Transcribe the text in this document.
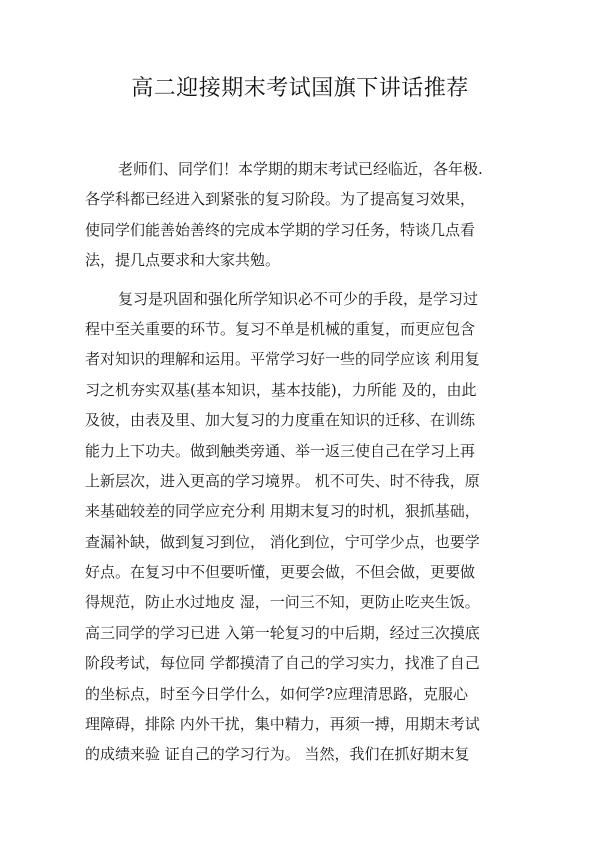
高二迎接期末考试国旗下讲话推荐
老师们、同学们！本学期的期末考试已经临近，各年极.
各学科都已经进入到紧张的复习阶段。为了提高复习效果，
使同学们能善始善终的完成本学期的学习任务，特谈几点看
法，提几点要求和大家共勉。
复习是巩固和强化所学知识必不可少的手段，是学习过
程中至关重要的环节。复习不单是机械的重复，而更应包含
者对知识的理解和运用。平常学习好一些的同学应该 利用复
习之机夯实双基(基本知识，基本技能)，力所能 及的，由此
及彼，由表及里、加大复习的力度重在知识的迁移、在训练
能力上下功夫。做到触类旁通、举一返三使自己在学习上再
上新层次，进入更高的学习境界。 机不可失、时不待我，原
来基础较差的同学应充分利 用期末复习的时机，狠抓基础，
查漏补缺，做到复习到位， 消化到位，宁可学少点，也要学
好点。在复习中不但要听懂，更要会做，不但会做，更要做
得规范，防止水过地皮 湿，一问三不知，更防止吃夹生饭。
高三同学的学习已进 入第一轮复习的中后期，经过三次摸底
阶段考试，每位同 学都摸清了自己的学习实力，找准了自己
的坐标点，时至今日学什么，如何学?应理清思路，克服心
理障碍，排除 内外干扰，集中精力，再须一搏，用期末考试
的成绩来验 证自己的学习行为。 当然，我们在抓好期末复
